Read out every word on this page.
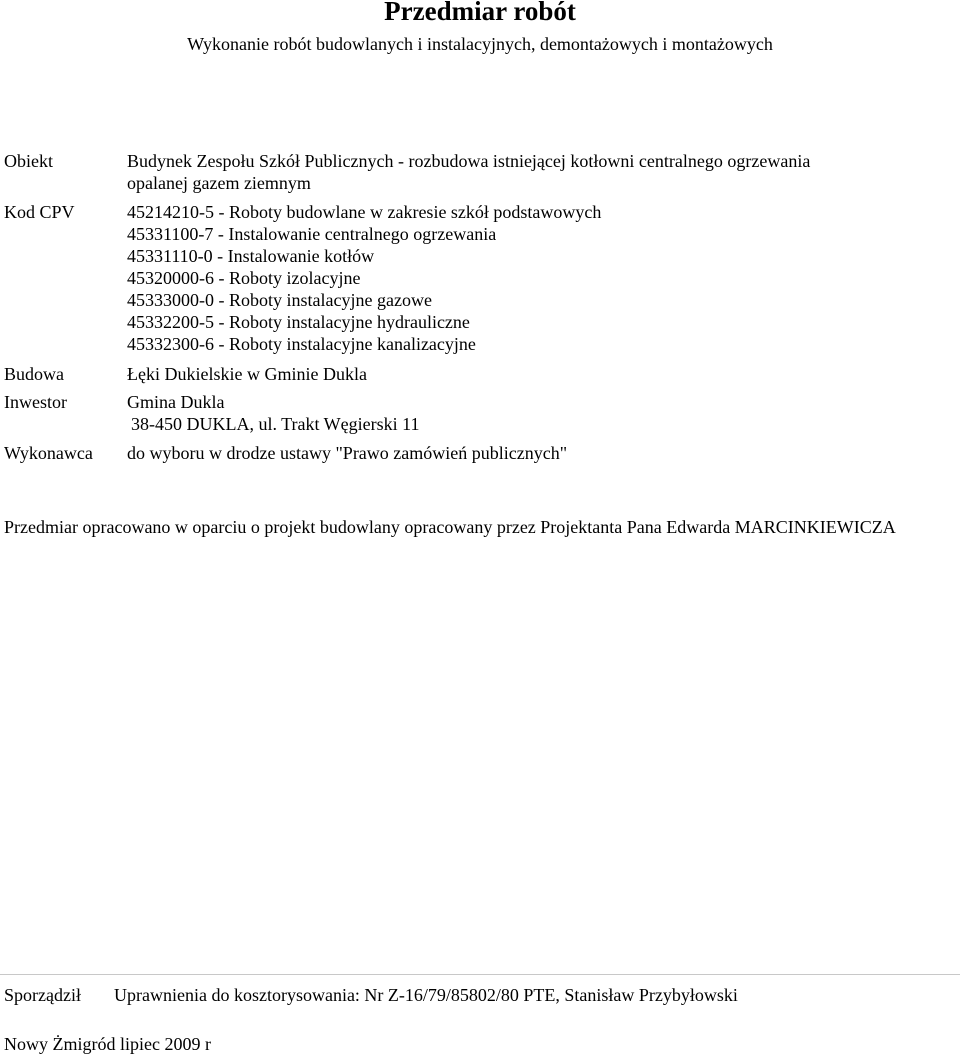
Przedmiar robót
Wykonanie robót budowlanych i instalacyjnych, demontażowych i montażowych
Obiekt	Budynek Zespołu Szkół Publicznych - rozbudowa istniejącej kotłowni centralnego ogrzewania
opalanej gazem ziemnym
Kod CPV	45214210-5 - Roboty budowlane w zakresie szkół podstawowych
45331100-7 - Instalowanie centralnego ogrzewania
45331110-0 - Instalowanie kotłów
45320000-6 - Roboty izolacyjne
45333000-0 - Roboty instalacyjne gazowe
45332200-5 - Roboty instalacyjne hydrauliczne
45332300-6 - Roboty instalacyjne kanalizacyjne
Budowa	Łęki Dukielskie w Gminie Dukla
Inwestor	Gmina Dukla
38-450 DUKLA, ul. Trakt Węgierski 11
Wykonawca do wyboru w drodze ustawy "Prawo zamówień publicznych"
Przedmiar opracowano w oparciu o projekt budowlany opracowany przez Projektanta Pana Edwarda MARCINKIEWICZA
Sporządził Uprawnienia do kosztorysowania: Nr Z-16/79/85802/80 PTE, Stanisław Przybyłowski
Nowy Żmigród lipiec 2009 r
